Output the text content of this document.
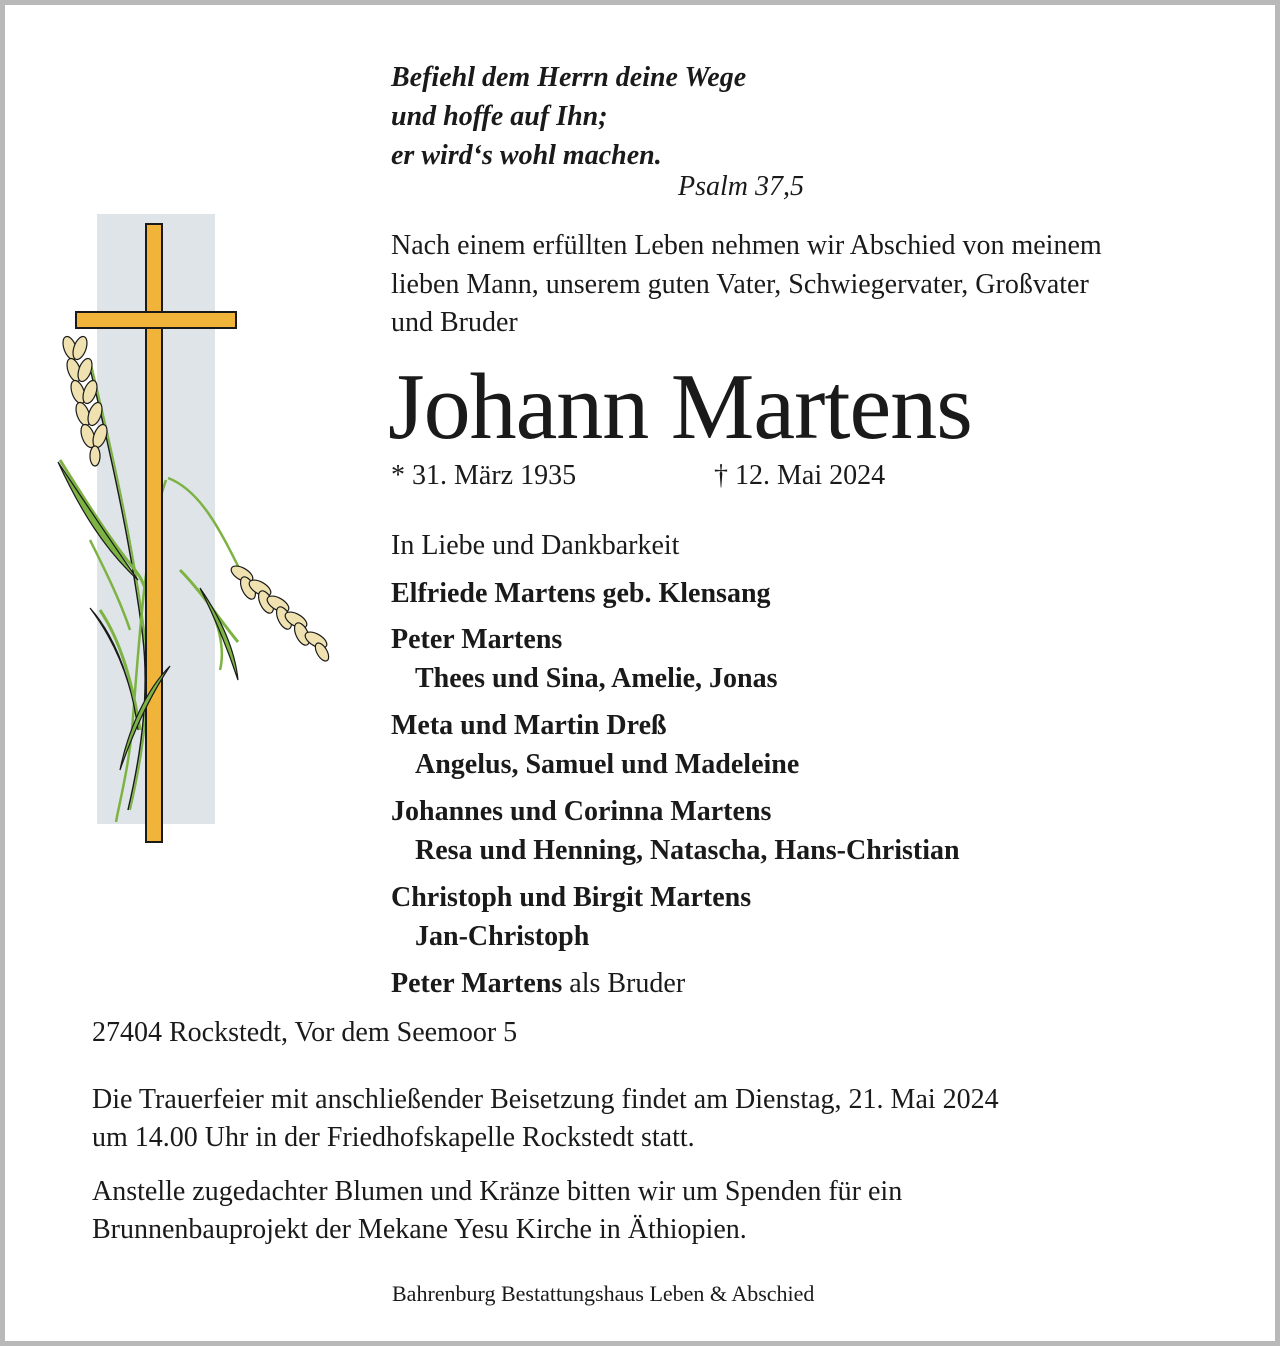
Befiehl dem Herrn deine Wege
und hoffe auf Ihn;
er wird‘s wohl machen.
Psalm 37,5
Nach einem erfüllten Leben nehmen wir Abschied von meinem
lieben Mann, unserem guten Vater, Schwiegervater, Großvater
und Bruder
Johann Martens
* 31. März 1935	† 12. Mai 2024
In Liebe und Dankbarkeit
Elfriede Martens geb. Klensang
Peter Martens
Thees und Sina, Amelie, Jonas
Meta und Martin Dreß
Angelus, Samuel und Madeleine
Johannes und Corinna Martens
Resa und Henning, Natascha, Hans-Christian
Christoph und Birgit Martens
Jan-Christoph
Peter Martens als Bruder
27404 Rockstedt, Vor dem Seemoor 5
Die Trauerfeier mit anschließender Beisetzung findet am Dienstag, 21. Mai 2024
um 14.00 Uhr in der Friedhofskapelle Rockstedt statt.
Anstelle zugedachter Blumen und Kränze bitten wir um Spenden für ein
Brunnenbauprojekt der Mekane Yesu Kirche in Äthiopien.
Bahrenburg Bestattungshaus Leben & Abschied
